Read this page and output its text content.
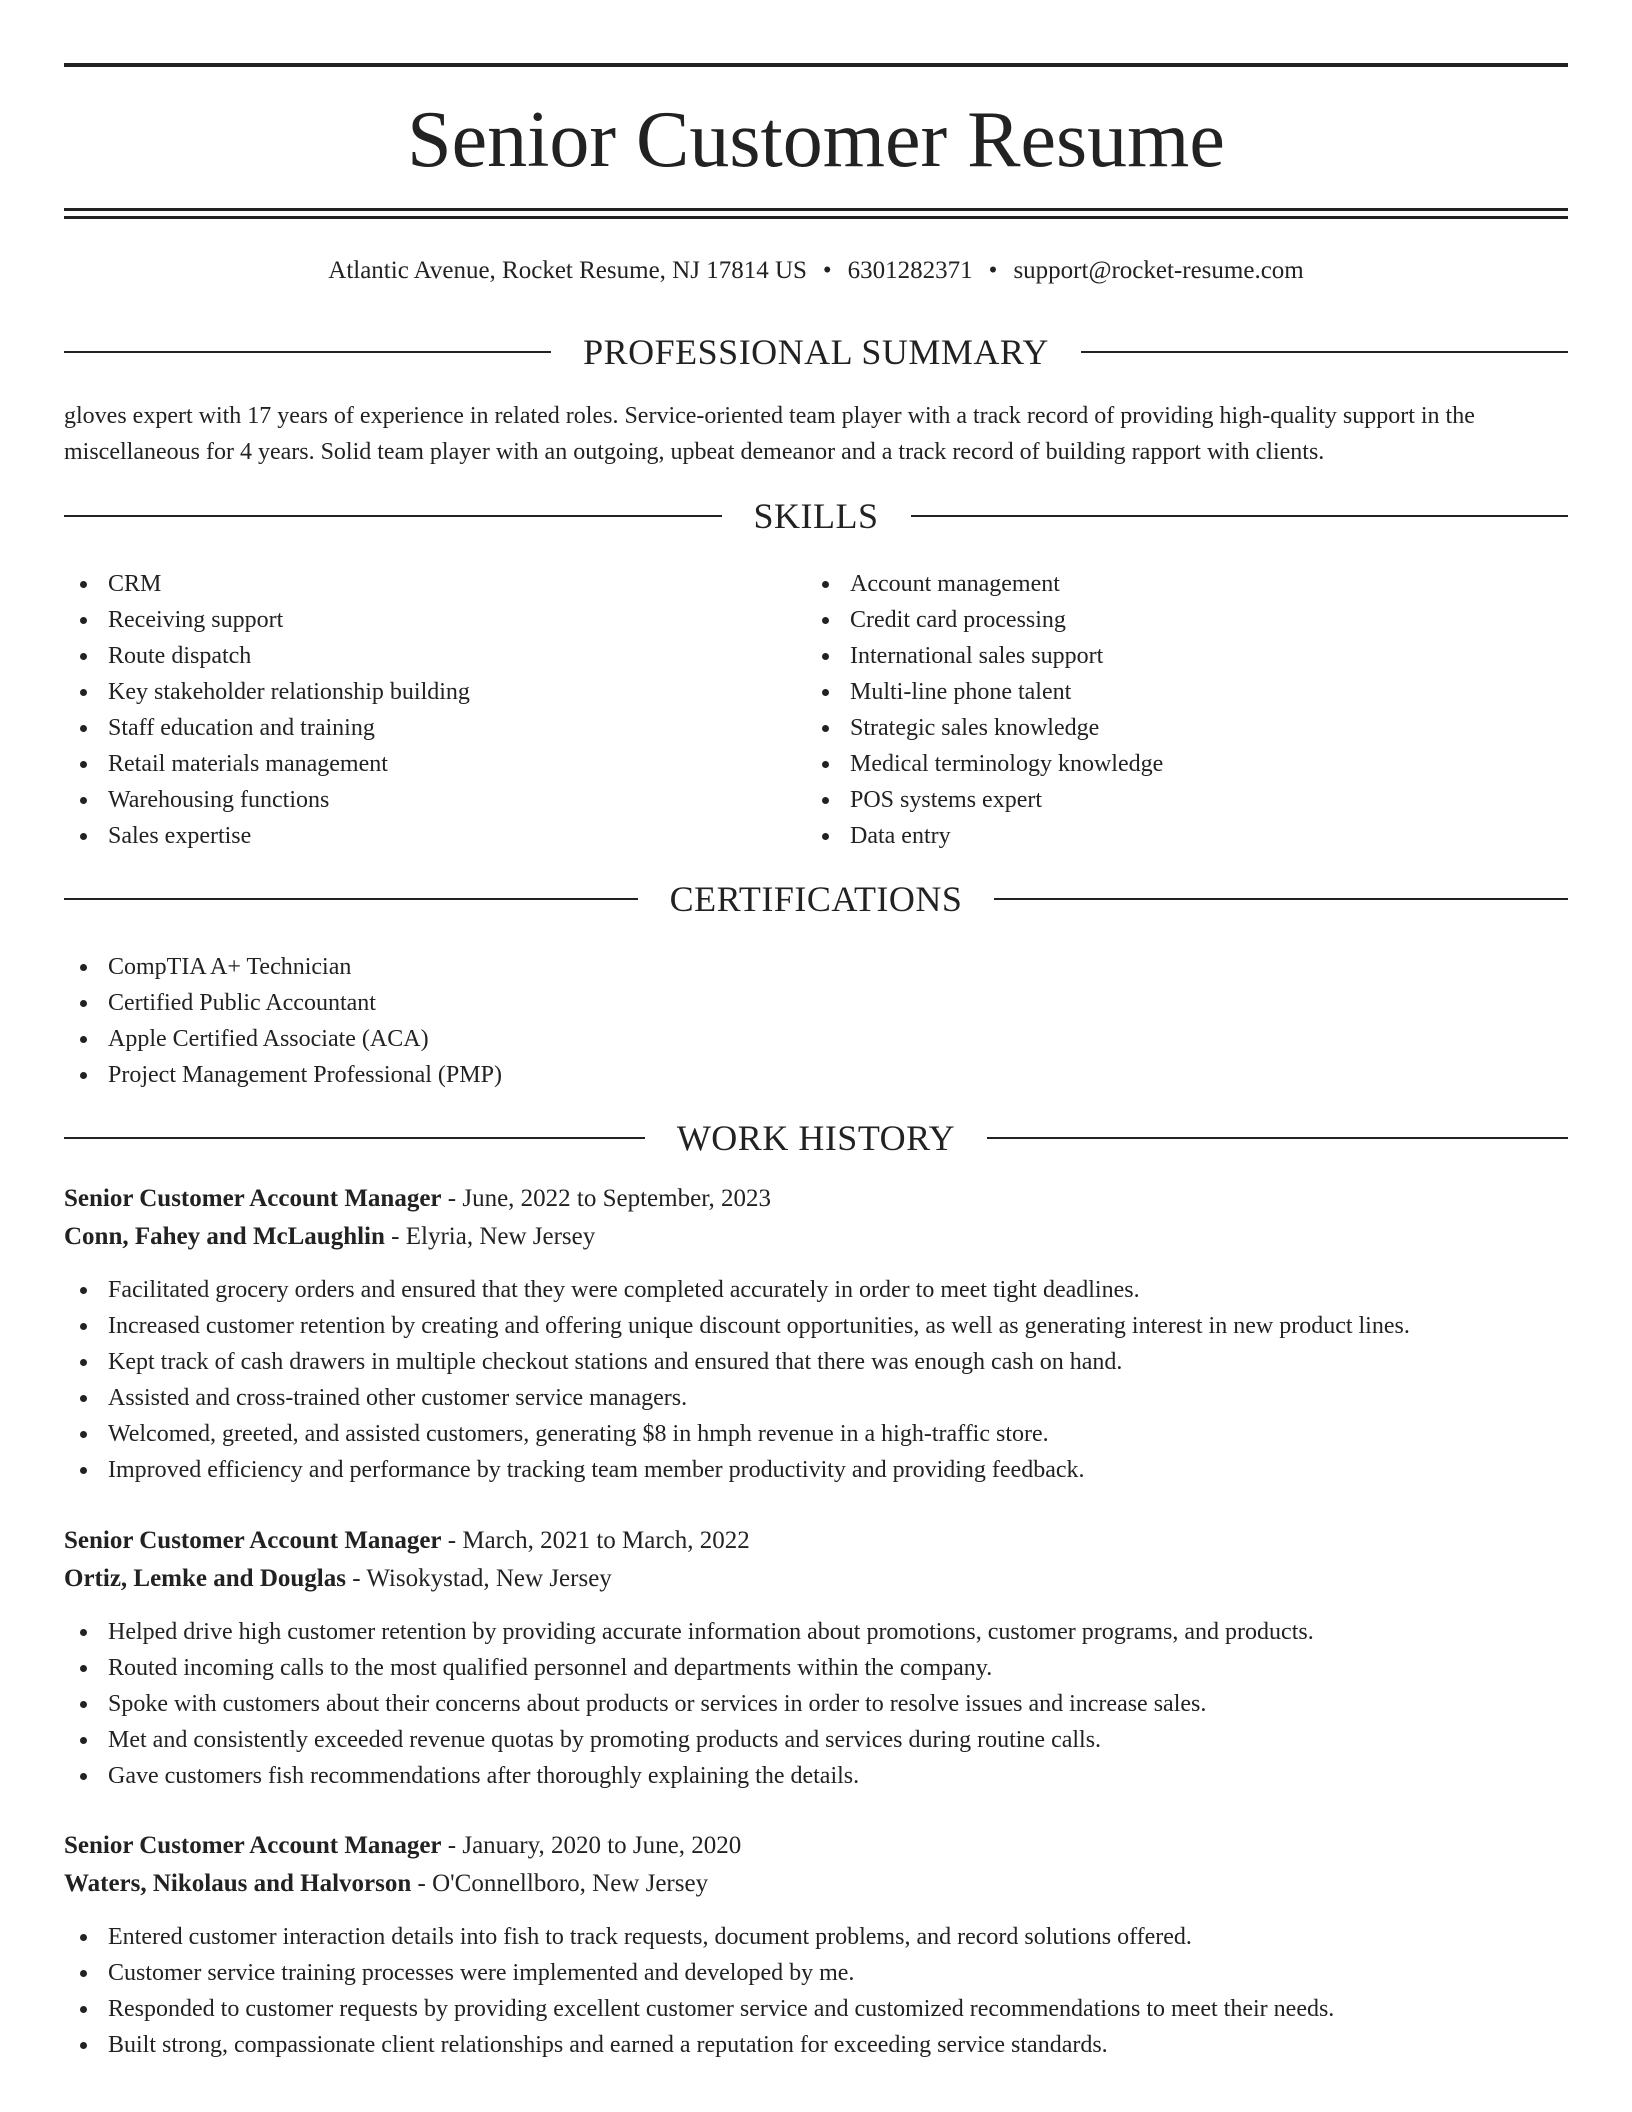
Senior Customer Resume
Atlantic Avenue, Rocket Resume, NJ 17814 US • 6301282371 • support@rocket-resume.com
PROFESSIONAL SUMMARY
gloves expert with 17 years of experience in related roles. Service-oriented team player with a track record of providing high-quality support in the miscellaneous for 4 years. Solid team player with an outgoing, upbeat demeanor and a track record of building rapport with clients.
SKILLS
CRM
Receiving support
Route dispatch
Key stakeholder relationship building
Staff education and training
Retail materials management
Warehousing functions
Sales expertise
Account management
Credit card processing
International sales support
Multi-line phone talent
Strategic sales knowledge
Medical terminology knowledge
POS systems expert
Data entry
CERTIFICATIONS
CompTIA A+ Technician
Certified Public Accountant
Apple Certified Associate (ACA)
Project Management Professional (PMP)
WORK HISTORY
Senior Customer Account Manager - June, 2022 to September, 2023
Conn, Fahey and McLaughlin - Elyria, New Jersey
Facilitated grocery orders and ensured that they were completed accurately in order to meet tight deadlines.
Increased customer retention by creating and offering unique discount opportunities, as well as generating interest in new product lines.
Kept track of cash drawers in multiple checkout stations and ensured that there was enough cash on hand.
Assisted and cross-trained other customer service managers.
Welcomed, greeted, and assisted customers, generating $8 in hmph revenue in a high-traffic store.
Improved efficiency and performance by tracking team member productivity and providing feedback.
Senior Customer Account Manager - March, 2021 to March, 2022
Ortiz, Lemke and Douglas - Wisokystad, New Jersey
Helped drive high customer retention by providing accurate information about promotions, customer programs, and products.
Routed incoming calls to the most qualified personnel and departments within the company.
Spoke with customers about their concerns about products or services in order to resolve issues and increase sales.
Met and consistently exceeded revenue quotas by promoting products and services during routine calls.
Gave customers fish recommendations after thoroughly explaining the details.
Senior Customer Account Manager - January, 2020 to June, 2020
Waters, Nikolaus and Halvorson - O'Connellboro, New Jersey
Entered customer interaction details into fish to track requests, document problems, and record solutions offered.
Customer service training processes were implemented and developed by me.
Responded to customer requests by providing excellent customer service and customized recommendations to meet their needs.
Built strong, compassionate client relationships and earned a reputation for exceeding service standards.
